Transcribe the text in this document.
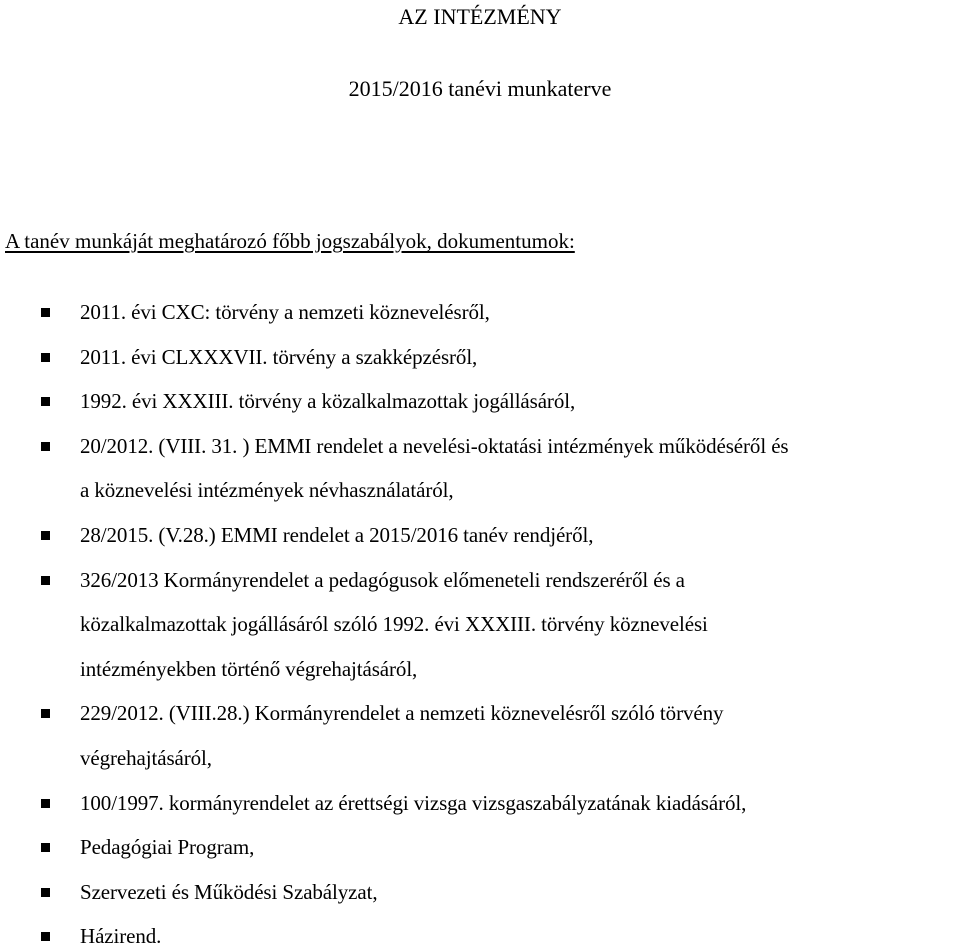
AZ INTÉZMÉNY
2015/2016 tanévi munkaterve
A tanév munkáját meghatározó főbb jogszabályok, dokumentumok:
2011. évi CXC: törvény a nemzeti köznevelésről,
2011. évi CLXXXVII. törvény a szakképzésről,
1992. évi XXXIII. törvény a közalkalmazottak jogállásáról,
20/2012. (VIII. 31. ) EMMI rendelet a nevelési-oktatási intézmények működéséről és
a köznevelési intézmények névhasználatáról,
28/2015. (V.28.) EMMI rendelet a 2015/2016 tanév rendjéről,
326/2013 Kormányrendelet a pedagógusok előmeneteli rendszeréről és a
közalkalmazottak jogállásáról szóló 1992. évi XXXIII. törvény köznevelési
intézményekben történő végrehajtásáról,
229/2012. (VIII.28.) Kormányrendelet a nemzeti köznevelésről szóló törvény
végrehajtásáról,
100/1997. kormányrendelet az érettségi vizsga vizsgaszabályzatának kiadásáról,
Pedagógiai Program,
Szervezeti és Működési Szabályzat,
Házirend.
